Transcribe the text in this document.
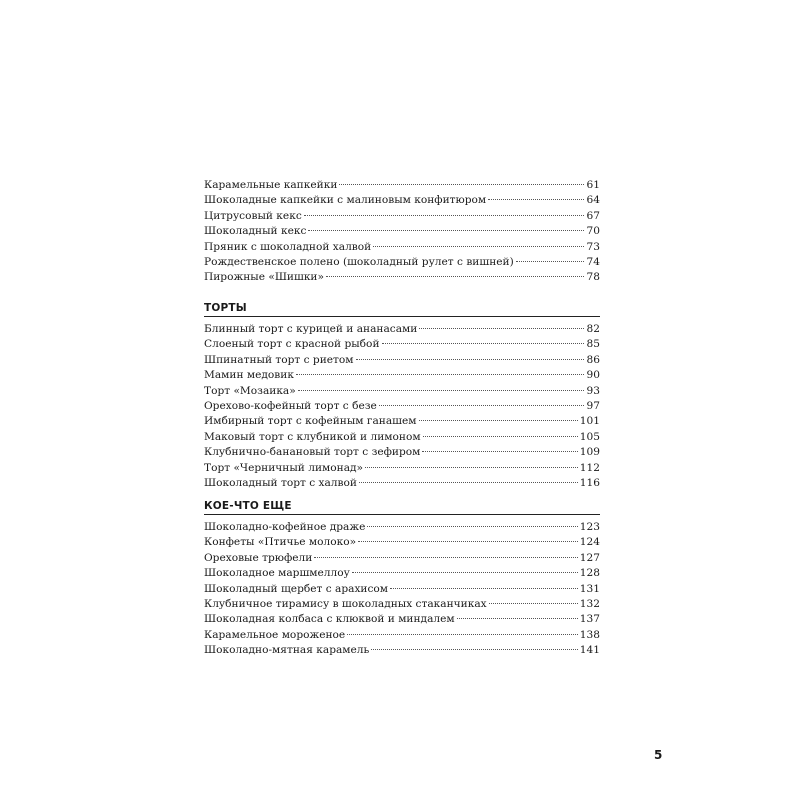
Карамельные капкейки	61
Шоколадные капкейки с малиновым конфитюром	64
Цитрусовый кекс	67
Шоколадный кекс	70
Пряник с шоколадной халвой	73
Рождественское полено (шоколадный рулет с вишней)	74
Пирожные «Шишки»	78
ТОРТЫ
Блинный торт с курицей и ананасами	82
Слоеный торт с красной рыбой	85
Шпинатный торт с риетом	86
Мамин медовик	90
Торт «Мозаика»	93
Орехово-кофейный торт с безе	97
Имбирный торт с кофейным ганашем	101
Маковый торт с клубникой и лимоном	105
Клубнично-банановый торт с зефиром	109
Торт «Черничный лимонад»	112
Шоколадный торт с халвой	116
КОЕ-ЧТО ЕЩЕ
Шоколадно-кофейное драже	123
Конфеты «Птичье молоко»	124
Ореховые трюфели	127
Шоколадное маршмеллоу	128
Шоколадный щербет с арахисом	131
Клубничное тирамису в шоколадных стаканчиках	132
Шоколадная колбаса с клюквой и миндалем	137
Карамельное мороженое	138
Шоколадно-мятная карамель	141
5
